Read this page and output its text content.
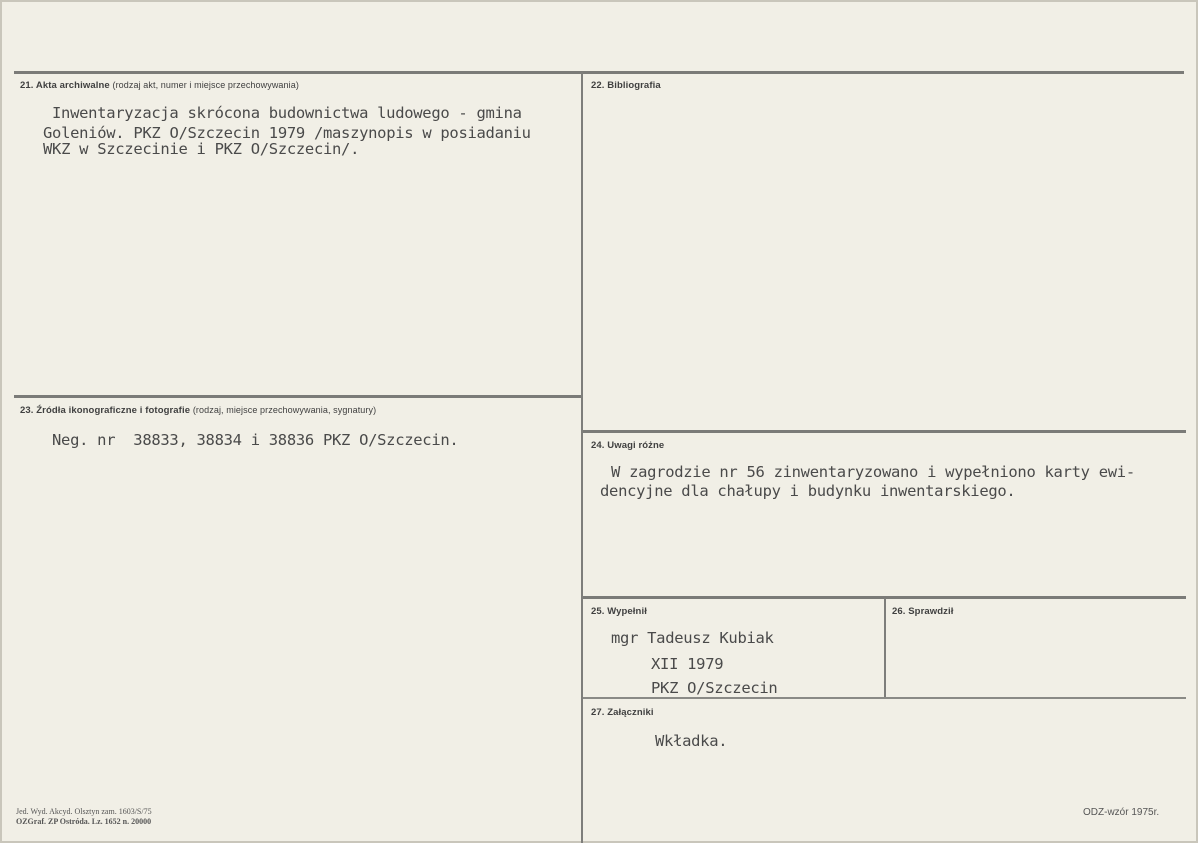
21. Akta archiwalne (rodzaj akt, numer i miejsce przechowywania)
Inwentaryzacja skrócona budownictwa ludowego - gmina
Goleniów. PKZ O/Szczecin 1979 /maszynopis w posiadaniu
WKZ w Szczecinie i PKZ O/Szczecin/.
22. Bibliografia
23. Źródła ikonograficzne i fotografie (rodzaj, miejsce przechowywania, sygnatury)
Neg. nr  38833, 38834 i 38836 PKZ O/Szczecin.	24. Uwagi różne
W zagrodzie nr 56 zinwentaryzowano i wypełniono karty ewi-
dencyjne dla chałupy i budynku inwentarskiego.
25. Wypełnił
mgr Tadeusz Kubiak
XII 1979
PKZ O/Szczecin
26. Sprawdził
27. Załączniki
Wkładka.
Jed. Wyd. Akcyd. Olsztyn zam. 1603/S/75
OZGraf. ZP Ostróda. Lz. 1652 n. 20000
ODZ-wzór 1975r.
